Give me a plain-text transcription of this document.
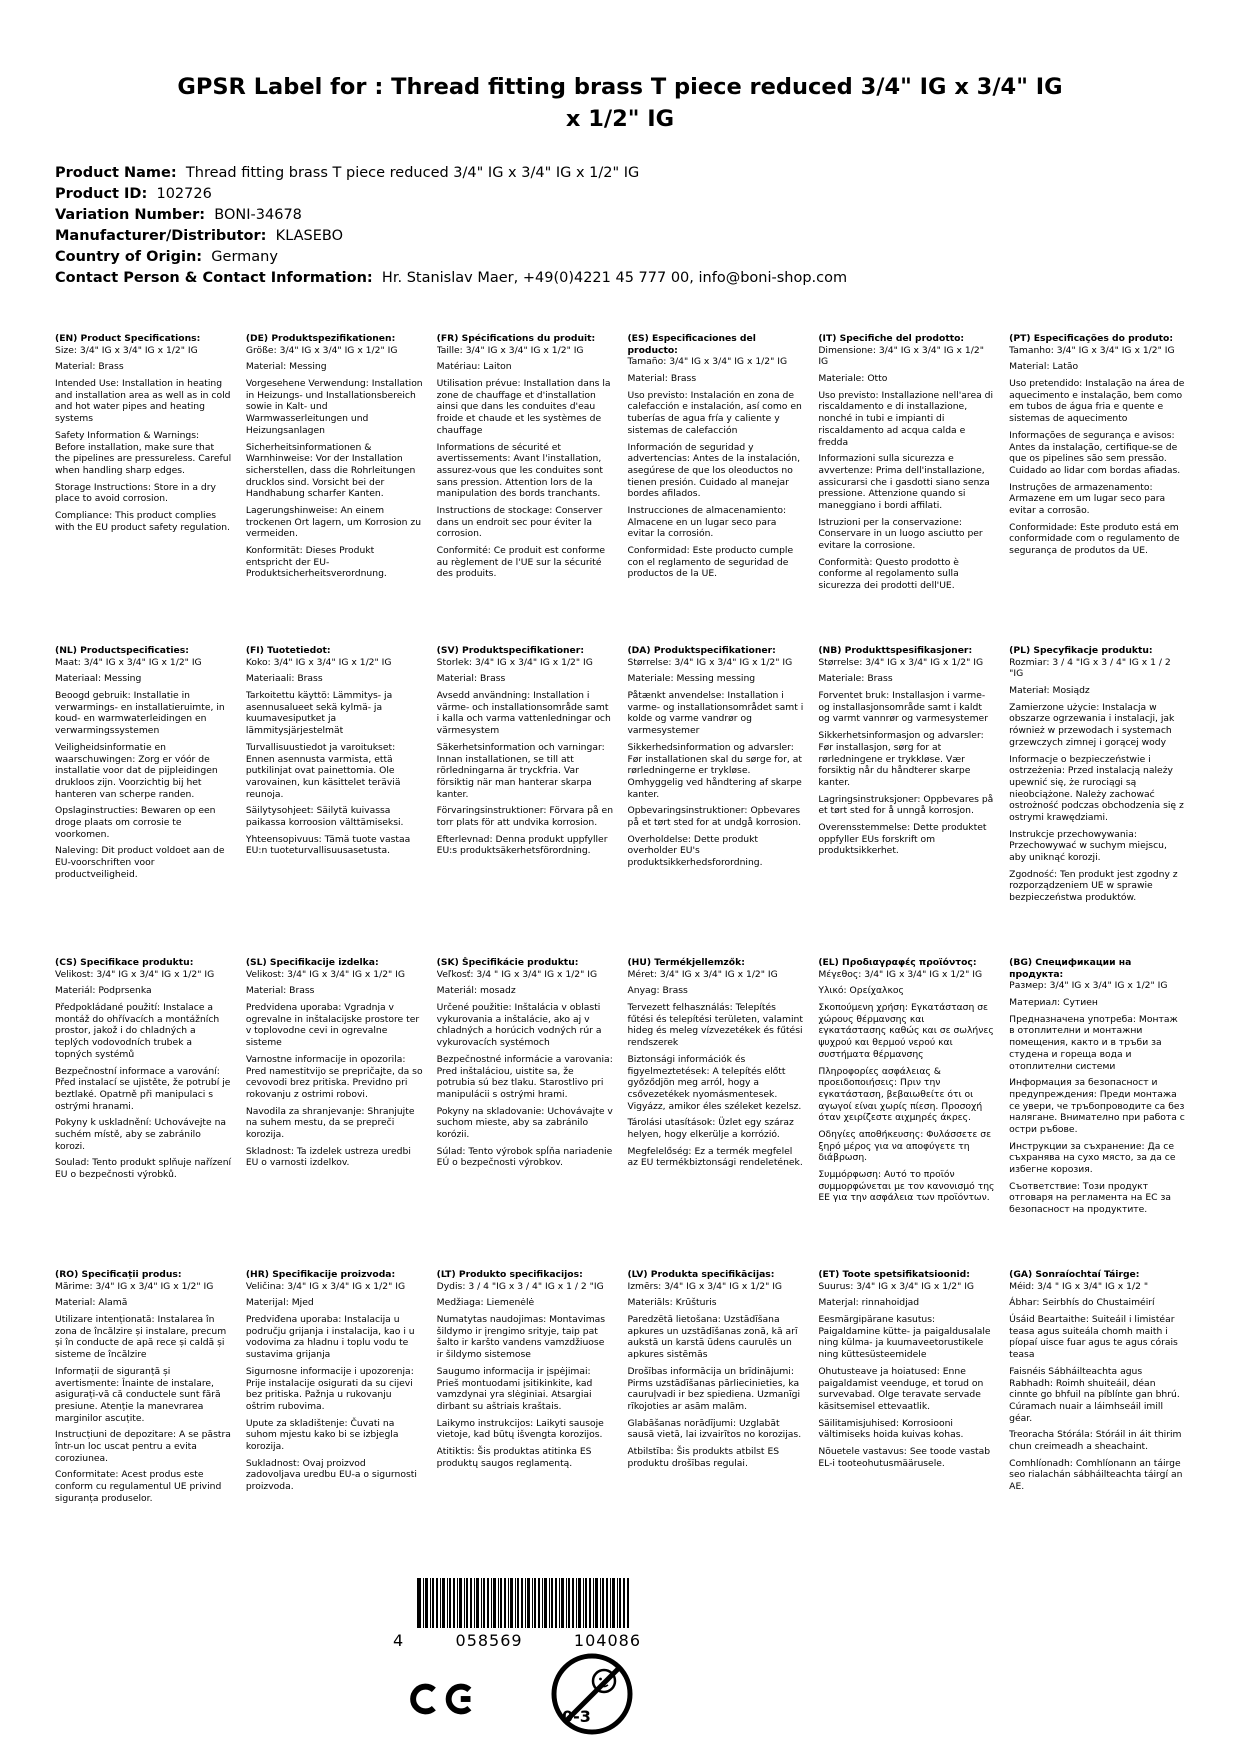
GPSR Label for : Thread fitting brass T piece reduced 3/4" IG x 3/4" IG x 1/2" IG
Product Name:  Thread fitting brass T piece reduced 3/4" IG x 3/4" IG x 1/2" IG
Product ID:  102726
Variation Number:  BONI-34678
Manufacturer/Distributor:  KLASEBO
Country of Origin:  Germany
Contact Person & Contact Information:  Hr. Stanislav Maer, +49(0)4221 45 777 00, info@boni-shop.com
(EN) Product Specifications:

Size: 3/4" IG x 3/4" IG x 1/2" IG

Material: Brass

Intended Use: Installation in heating and installation area as well as in cold and hot water pipes and heating systems

Safety Information & Warnings: Before installation, make sure that the pipelines are pressureless. Careful when handling sharp edges.

Storage Instructions: Store in a dry place to avoid corrosion.

Compliance: This product complies with the EU product safety regulation.

(DE) Produktspezifikationen:

Größe: 3/4" IG x 3/4" IG x 1/2" IG

Material: Messing

Vorgesehene Verwendung: Installation in Heizungs- und Installationsbereich sowie in Kalt- und Warmwasserleitungen und Heizungsanlagen

Sicherheitsinformationen & Warnhinweise: Vor der Installation sicherstellen, dass die Rohrleitungen drucklos sind. Vorsicht bei der Handhabung scharfer Kanten.

Lagerungshinweise: An einem trockenen Ort lagern, um Korrosion zu vermeiden.

Konformität: Dieses Produkt entspricht der EU-Produktsicherheitsverordnung.

(FR) Spécifications du produit:

Taille: 3/4" IG x 3/4" IG x 1/2" IG

Matériau: Laiton

Utilisation prévue: Installation dans la zone de chauffage et d'installation ainsi que dans les conduites d'eau froide et chaude et les systèmes de chauffage

Informations de sécurité et avertissements: Avant l'installation, assurez-vous que les conduites sont sans pression. Attention lors de la manipulation des bords tranchants.

Instructions de stockage: Conserver dans un endroit sec pour éviter la corrosion.

Conformité: Ce produit est conforme au règlement de l'UE sur la sécurité des produits.

(ES) Especificaciones del producto:

Tamaño: 3/4" IG x 3/4" IG x 1/2" IG

Material: Brass

Uso previsto: Instalación en zona de calefacción e instalación, así como en tuberías de agua fría y caliente y sistemas de calefacción

Información de seguridad y advertencias: Antes de la instalación, asegúrese de que los oleoductos no tienen presión. Cuidado al manejar bordes afilados.

Instrucciones de almacenamiento: Almacene en un lugar seco para evitar la corrosión.

Conformidad: Este producto cumple con el reglamento de seguridad de productos de la UE.

(IT) Specifiche del prodotto:

Dimensione: 3/4" IG x 3/4" IG x 1/2" IG

Materiale: Otto

Uso previsto: Installazione nell'area di riscaldamento e di installazione, nonché in tubi e impianti di riscaldamento ad acqua calda e fredda

Informazioni sulla sicurezza e avvertenze: Prima dell'installazione, assicurarsi che i gasdotti siano senza pressione. Attenzione quando si maneggiano i bordi affilati.

Istruzioni per la conservazione: Conservare in un luogo asciutto per evitare la corrosione.

Conformità: Questo prodotto è conforme al regolamento sulla sicurezza dei prodotti dell'UE.

(PT) Especificações do produto:

Tamanho: 3/4" IG x 3/4" IG x 1/2" IG

Material: Latão

Uso pretendido: Instalação na área de aquecimento e instalação, bem como em tubos de água fria e quente e sistemas de aquecimento

Informações de segurança e avisos: Antes da instalação, certifique-se de que os pipelines são sem pressão. Cuidado ao lidar com bordas afiadas.

Instruções de armazenamento: Armazene em um lugar seco para evitar a corrosão.

Conformidade: Este produto está em conformidade com o regulamento de segurança de produtos da UE.

(NL) Productspecificaties:

Maat: 3/4" IG x 3/4" IG x 1/2" IG

Materiaal: Messing

Beoogd gebruik: Installatie in verwarmings- en installatieruimte, in koud- en warmwaterleidingen en verwarmingssystemen

Veiligheidsinformatie en waarschuwingen: Zorg er vóór de installatie voor dat de pijpleidingen drukloos zijn. Voorzichtig bij het hanteren van scherpe randen.

Opslaginstructies: Bewaren op een droge plaats om corrosie te voorkomen.

Naleving: Dit product voldoet aan de EU-voorschriften voor productveiligheid.

(FI) Tuotetiedot:

Koko: 3/4" IG x 3/4" IG x 1/2" IG

Materiaali: Brass

Tarkoitettu käyttö: Lämmitys- ja asennusalueet sekä kylmä- ja kuumavesiputket ja lämmitysjärjestelmät

Turvallisuustiedot ja varoitukset: Ennen asennusta varmista, että putkilinjat ovat painettomia. Ole varovainen, kun käsittelet teräviä reunoja.

Säilytysohjeet: Säilytä kuivassa paikassa korroosion välttämiseksi.

Yhteensopivuus: Tämä tuote vastaa EU:n tuoteturvallisuusasetusta.

(SV) Produktspecifikationer:

Storlek: 3/4" IG x 3/4" IG x 1/2" IG

Material: Brass

Avsedd användning: Installation i värme- och installationsområde samt i kalla och varma vattenledningar och värmesystem

Säkerhetsinformation och varningar: Innan installationen, se till att rörledningarna är tryckfria. Var försiktig när man hanterar skarpa kanter.

Förvaringsinstruktioner: Förvara på en torr plats för att undvika korrosion.

Efterlevnad: Denna produkt uppfyller EU:s produktsäkerhetsförordning.

(DA) Produktspecifikationer:

Størrelse: 3/4" IG x 3/4" IG x 1/2" IG

Materiale: Messing messing

Påtænkt anvendelse: Installation i varme- og installationsområdet samt i kolde og varme vandrør og varmesystemer

Sikkerhedsinformation og advarsler: Før installationen skal du sørge for, at rørledningerne er trykløse. Omhyggelig ved håndtering af skarpe kanter.

Opbevaringsinstruktioner: Opbevares på et tørt sted for at undgå korrosion.

Overholdelse: Dette produkt overholder EU's produktsikkerhedsforordning.

(NB) Produkttspesifikasjoner:

Størrelse: 3/4" IG x 3/4" IG x 1/2" IG

Materiale: Brass

Forventet bruk: Installasjon i varme- og installasjonsområde samt i kaldt og varmt vannrør og varmesystemer

Sikkerhetsinformasjon og advarsler: Før installasjon, sørg for at rørledningene er trykkløse. Vær forsiktig når du håndterer skarpe kanter.

Lagringsinstruksjoner: Oppbevares på et tørt sted for å unngå korrosjon.

Overensstemmelse: Dette produktet oppfyller EUs forskrift om produktsikkerhet.

(PL) Specyfikacje produktu:

Rozmiar: 3 / 4 "IG x 3 / 4" IG x 1 / 2 "IG

Materiał: Mosiądz

Zamierzone użycie: Instalacja w obszarze ogrzewania i instalacji, jak również w przewodach i systemach grzewczych zimnej i gorącej wody

Informacje o bezpieczeństwie i ostrzeżenia: Przed instalacją należy upewnić się, że rurociągi są nieobciążone. Należy zachować ostrożność podczas obchodzenia się z ostrymi krawędziami.

Instrukcje przechowywania: Przechowywać w suchym miejscu, aby uniknąć korozji.

Zgodność: Ten produkt jest zgodny z rozporządzeniem UE w sprawie bezpieczeństwa produktów.

(CS) Specifikace produktu:

Velikost: 3/4" IG x 3/4" IG x 1/2" IG

Materiál: Podprsenka

Předpokládané použití: Instalace a montáž do ohřívacích a montážních prostor, jakož i do chladných a teplých vodovodních trubek a topných systémů

Bezpečnostní informace a varování: Před instalací se ujistěte, že potrubí je beztlaké. Opatrně při manipulaci s ostrými hranami.

Pokyny k uskladnění: Uchovávejte na suchém místě, aby se zabránilo korozi.

Soulad: Tento produkt splňuje nařízení EU o bezpečnosti výrobků.

(SL) Specifikacije izdelka:

Velikost: 3/4" IG x 3/4" IG x 1/2" IG

Material: Brass

Predvidena uporaba: Vgradnja v ogrevalne in inštalacijske prostore ter v toplovodne cevi in ogrevalne sisteme

Varnostne informacije in opozorila: Pred namestitvijo se prepričajte, da so cevovodi brez pritiska. Previdno pri rokovanju z ostrimi robovi.

Navodila za shranjevanje: Shranjujte na suhem mestu, da se prepreči korozija.

Skladnost: Ta izdelek ustreza uredbi EU o varnosti izdelkov.

(SK) Špecifikácie produktu:

Veľkosť: 3/4 " IG x 3/4" IG x 1/2" IG

Materiál: mosadz

Určené použitie: Inštalácia v oblasti vykurovania a inštalácie, ako aj v chladných a horúcich vodných rúr a vykurovacích systémoch

Bezpečnostné informácie a varovania: Pred inštaláciou, uistite sa, že potrubia sú bez tlaku. Starostlivo pri manipulácii s ostrými hrami.

Pokyny na skladovanie: Uchovávajte v suchom mieste, aby sa zabránilo korózii.

Súlad: Tento výrobok spĺňa nariadenie EÚ o bezpečnosti výrobkov.

(HU) Termékjellemzők:

Méret: 3/4" IG x 3/4" IG x 1/2" IG

Anyag: Brass

Tervezett felhasználás: Telepítés fűtési és telepítési területen, valamint hideg és meleg vízvezetékek és fűtési rendszerek

Biztonsági információk és figyelmeztetések: A telepítés előtt győződjön meg arról, hogy a csővezetékek nyomásmentesek. Vigyázz, amikor éles széleket kezelsz.

Tárolási utasítások: Üzlet egy száraz helyen, hogy elkerülje a korrózió.

Megfelelőség: Ez a termék megfelel az EU termékbiztonsági rendeletének.

(EL) Προδιαγραφές προϊόντος:

Μέγεθος: 3/4" IG x 3/4" IG x 1/2" IG

Υλικό: Ορείχαλκος

Σκοπούμενη χρήση: Εγκατάσταση σε χώρους θέρμανσης και εγκατάστασης καθώς και σε σωλήνες ψυχρού και θερμού νερού και συστήματα θέρμανσης

Πληροφορίες ασφάλειας & προειδοποιήσεις: Πριν την εγκατάσταση, βεβαιωθείτε ότι οι αγωγοί είναι χωρίς πίεση. Προσοχή όταν χειρίζεστε αιχμηρές άκρες.

Οδηγίες αποθήκευσης: Φυλάσσετε σε ξηρό μέρος για να αποφύγετε τη διάβρωση.

Συμμόρφωση: Αυτό το προϊόν συμμορφώνεται με τον κανονισμό της ΕΕ για την ασφάλεια των προϊόντων.

(BG) Спецификации на продукта:

Размер: 3/4" IG x 3/4" IG x 1/2" IG

Материал: Сутиен

Предназначена употреба: Монтаж в отоплителни и монтажни помещения, както и в тръби за студена и гореща вода и отоплителни системи

Информация за безопасност и предупреждения: Преди монтажа се увери, че тръбопроводите са без налягане. Внимателно при работа с остри ръбове.

Инструкции за съхранение: Да се съхранява на сухо място, за да се избегне корозия.

Съответствие: Този продукт отговаря на регламента на ЕС за безопасност на продуктите.

(RO) Specificații produs:

Mărime: 3/4" IG x 3/4" IG x 1/2" IG

Material: Alamă

Utilizare intenționată: Instalarea în zona de încălzire și instalare, precum și în conducte de apă rece și caldă și sisteme de încălzire

Informații de siguranță și avertismente: Înainte de instalare, asigurați-vă că conductele sunt fără presiune. Atenție la manevrarea marginilor ascuțite.

Instrucțiuni de depozitare: A se păstra într-un loc uscat pentru a evita coroziunea.

Conformitate: Acest produs este conform cu regulamentul UE privind siguranța produselor.

(HR) Specifikacije proizvoda:

Veličina: 3/4" IG x 3/4" IG x 1/2" IG

Materijal: Mjed

Predviđena uporaba: Instalacija u području grijanja i instalacija, kao i u vodovima za hladnu i toplu vodu te sustavima grijanja

Sigurnosne informacije i upozorenja: Prije instalacije osigurati da su cijevi bez pritiska. Pažnja u rukovanju oštrim rubovima.

Upute za skladištenje: Čuvati na suhom mjestu kako bi se izbjegla korozija.

Sukladnost: Ovaj proizvod zadovoljava uredbu EU-a o sigurnosti proizvoda.

(LT) Produkto specifikacijos:

Dydis: 3 / 4 "IG x 3 / 4" IG x 1 / 2 "IG

Medžiaga: Liemenėlė

Numatytas naudojimas: Montavimas šildymo ir įrengimo srityje, taip pat šalto ir karšto vandens vamzdžiuose ir šildymo sistemose

Saugumo informacija ir įspėjimai: Prieš montuodami įsitikinkite, kad vamzdynai yra slėginiai. Atsargiai dirbant su aštriais kraštais.

Laikymo instrukcijos: Laikyti sausoje vietoje, kad būtų išvengta korozijos.

Atitiktis: Šis produktas atitinka ES produktų saugos reglamentą.

(LV) Produkta specifikācijas:

Izmērs: 3/4" IG x 3/4" IG x 1/2" IG

Materiāls: Krūšturis

Paredzētā lietošana: Uzstādīšana apkures un uzstādīšanas zonā, kā arī aukstā un karstā ūdens caurulēs un apkures sistēmās

Drošības informācija un brīdinājumi: Pirms uzstādīšanas pārliecinieties, ka cauruļvadi ir bez spiediena. Uzmanīgi rīkojoties ar asām malām.

Glabāšanas norādījumi: Uzglabāt sausā vietā, lai izvairītos no korozijas.

Atbilstība: Šis produkts atbilst ES produktu drošības regulai.

(ET) Toote spetsifikatsioonid:

Suurus: 3/4" IG x 3/4" IG x 1/2" IG

Materjal: rinnahoidjad

Eesmärgipärane kasutus: Paigaldamine kütte- ja paigaldusalale ning külma- ja kuumaveetorustikele ning küttesüsteemidele

Ohutusteave ja hoiatused: Enne paigaldamist veenduge, et torud on survevabad. Olge teravate servade käsitsemisel ettevaatlik.

Säilitamisjuhised: Korrosiooni vältimiseks hoida kuivas kohas.

Nõuetele vastavus: See toode vastab EL-i tooteohutusmäärusele.

(GA) Sonraíochtaí Táirge:

Méid: 3/4 " IG x 3/4" IG x 1/2 "

Ábhar: Seirbhís do Chustaiméirí

Úsáid Beartaithe: Suiteáil i limistéar teasa agus suiteála chomh maith i píopaí uisce fuar agus te agus córais teasa

Faisnéis Sábháilteachta agus Rabhadh: Roimh shuiteáil, déan cinnte go bhfuil na píblínte gan bhrú. Cúramach nuair a láimhseáil imill géar.

Treoracha Stórála: Stóráil in áit thirim chun creimeadh a sheachaint.

Comhlíonadh: Comhlíonann an táirge seo rialachán sábháilteachta táirgí an AE.

4	058569	104086
0-3
